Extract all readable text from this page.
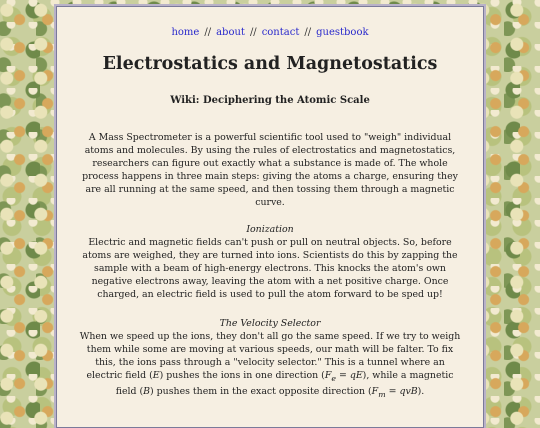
home // about // contact // guestbook
Electrostatics and Magnetostatics
Wiki: Deciphering the Atomic Scale

A Mass Spectrometer is a powerful scientific tool used to "weigh" individual atoms and molecules. By using the rules of electrostatics and magnetostatics, researchers can figure out exactly what a substance is made of. The whole process happens in three main steps: giving the atoms a charge, ensuring they are all running at the same speed, and then tossing them through a magnetic curve.

Ionization

Electric and magnetic fields can't push or pull on neutral objects. So, before atoms are weighed, they are turned into ions. Scientists do this by zapping the sample with a beam of high-energy electrons. This knocks the atom's own negative electrons away, leaving the atom with a net positive charge. Once charged, an electric field is used to pull the atom forward to be sped up!

The Velocity Selector

When we speed up the ions, they don't all go the same speed. If we try to weigh them while some are moving at various speeds, our math will be falter. To fix this, the ions pass through a "velocity selector." This is a tunnel where an electric field (E) pushes the ions in one direction $(F_e = qE)$, while a magnetic field (B) pushes them in the exact opposite direction $(F_m = qvB)$.
